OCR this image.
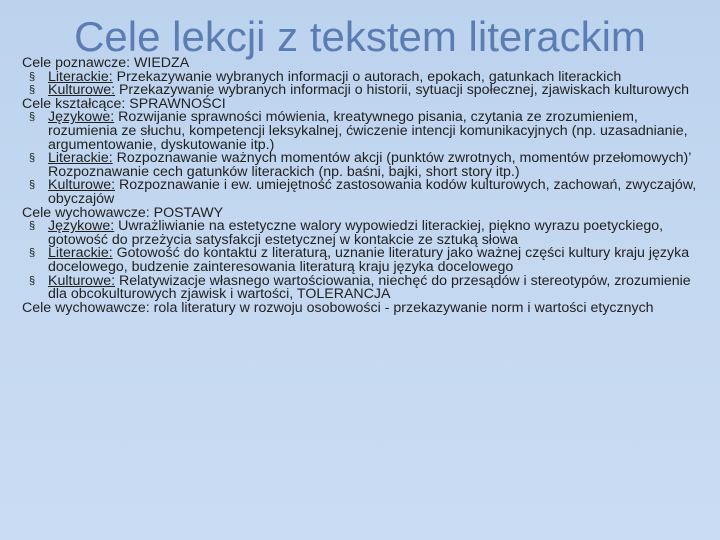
Cele lekcji z tekstem literackim
Cele poznawcze: WIEDZA
§ Literackie: Przekazywanie wybranych informacji o autorach, epokach, gatunkach literackich
§ Kulturowe: Przekazywanie wybranych informacji o historii, sytuacji społecznej, zjawiskach kulturowych
Cele kształcące: SPRAWNOŚCI
§ Językowe: Rozwijanie sprawności mówienia, kreatywnego pisania, czytania ze zrozumieniem, rozumienia ze słuchu, kompetencji leksykalnej, ćwiczenie intencji komunikacyjnych (np. uzasadnianie, argumentowanie, dyskutowanie itp.)
§ Literackie: Rozpoznawanie ważnych momentów akcji (punktów zwrotnych, momentów przełomowych)’ Rozpoznawanie cech gatunków literackich (np. baśni, bajki, short story itp.)
§ Kulturowe: Rozpoznawanie i ew. umiejętność zastosowania kodów kulturowych, zachowań, zwyczajów, obyczajów
Cele wychowawcze: POSTAWY
§ Językowe: Uwrażliwianie na estetyczne walory wypowiedzi literackiej, piękno wyrazu poetyckiego, gotowość do przeżycia satysfakcji estetycznej w kontakcie ze sztuką słowa
§ Literackie: Gotowość do kontaktu z literaturą, uznanie literatury jako ważnej części kultury kraju języka docelowego, budzenie zainteresowania literaturą kraju języka docelowego
§ Kulturowe: Relatywizacje własnego wartościowania, niechęć do przesądów i stereotypów, zrozumienie dla obcokulturowych zjawisk i wartości, TOLERANCJA
Cele wychowawcze: rola literatury w rozwoju osobowości - przekazywanie norm i wartości etycznych
